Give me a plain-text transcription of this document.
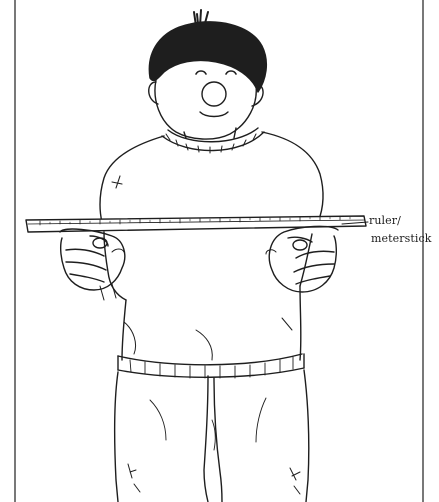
ruler/
meterstick
